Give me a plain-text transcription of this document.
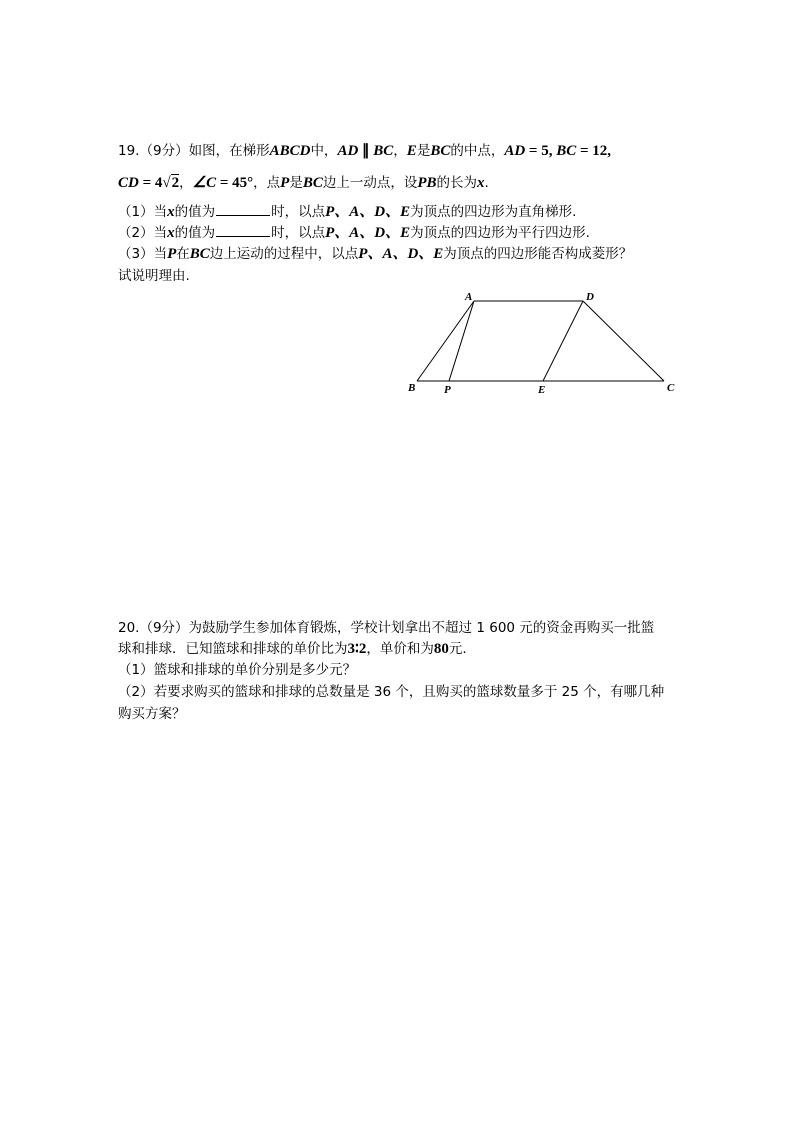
19.（9分）如图，在梯形ABCD中，AD ∥ BC，E是BC的中点，AD = 5, BC = 12,
CD = 4√2，∠C = 45°，点P是BC边上一动点，设PB的长为x.
（1）当x的值为	时，以点P、A、D、E为顶点的四边形为直角梯形.
（2）当x的值为	时，以点P、A、D、E为顶点的四边形为平行四边形.
（3）当P在BC边上运动的过程中，以点P、A、D、E为顶点的四边形能否构成菱形？
试说明理由.
A	D
B	P	E	C
20.（9分）为鼓励学生参加体育锻炼，学校计划拿出不超过 1 600 元的资金再购买一批篮
球和排球．已知篮球和排球的单价比为3∶2，单价和为80元.
（1）篮球和排球的单价分别是多少元？
（2）若要求购买的篮球和排球的总数量是 36 个，且购买的篮球数量多于 25 个，有哪几种
购买方案？
